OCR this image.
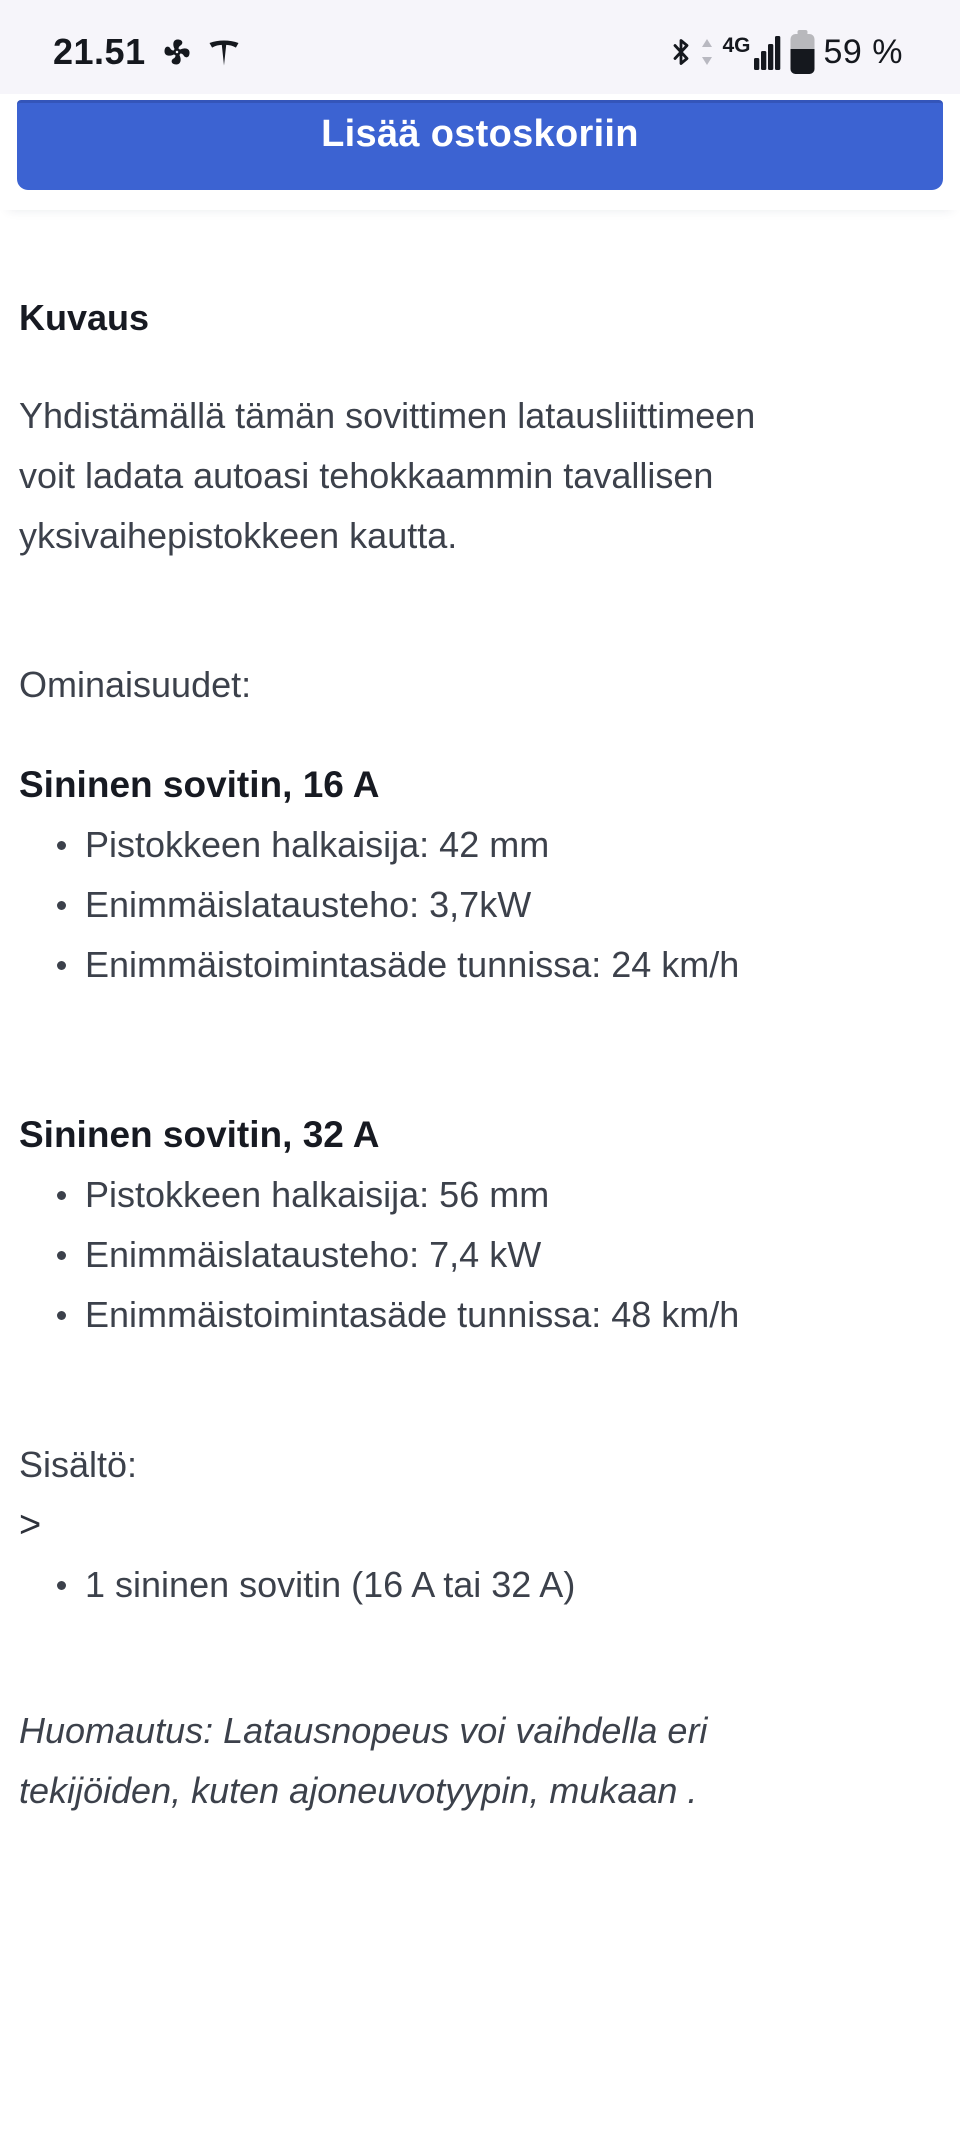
21.51	4G 59 %
Lisää ostoskoriin
Kuvaus

Yhdistämällä tämän sovittimen latausliittimeen
voit ladata autoasi tehokkaammin tavallisen
yksivaihepistokkeen kautta.

Ominaisuudet:

Sininen sovitin, 16 A
Pistokkeen halkaisija: 42 mm
Enimmäislatausteho: 3,7kW
Enimmäistoimintasäde tunnissa: 24 km/h
Sininen sovitin, 32 A
Pistokkeen halkaisija: 56 mm
Enimmäislatausteho: 7,4 kW
Enimmäistoimintasäde tunnissa: 48 km/h

Sisältö:

>

1 sininen sovitin (16 A tai 32 A)

Huomautus: Latausnopeus voi vaihdella eri
tekijöiden, kuten ajoneuvotyypin, mukaan .
